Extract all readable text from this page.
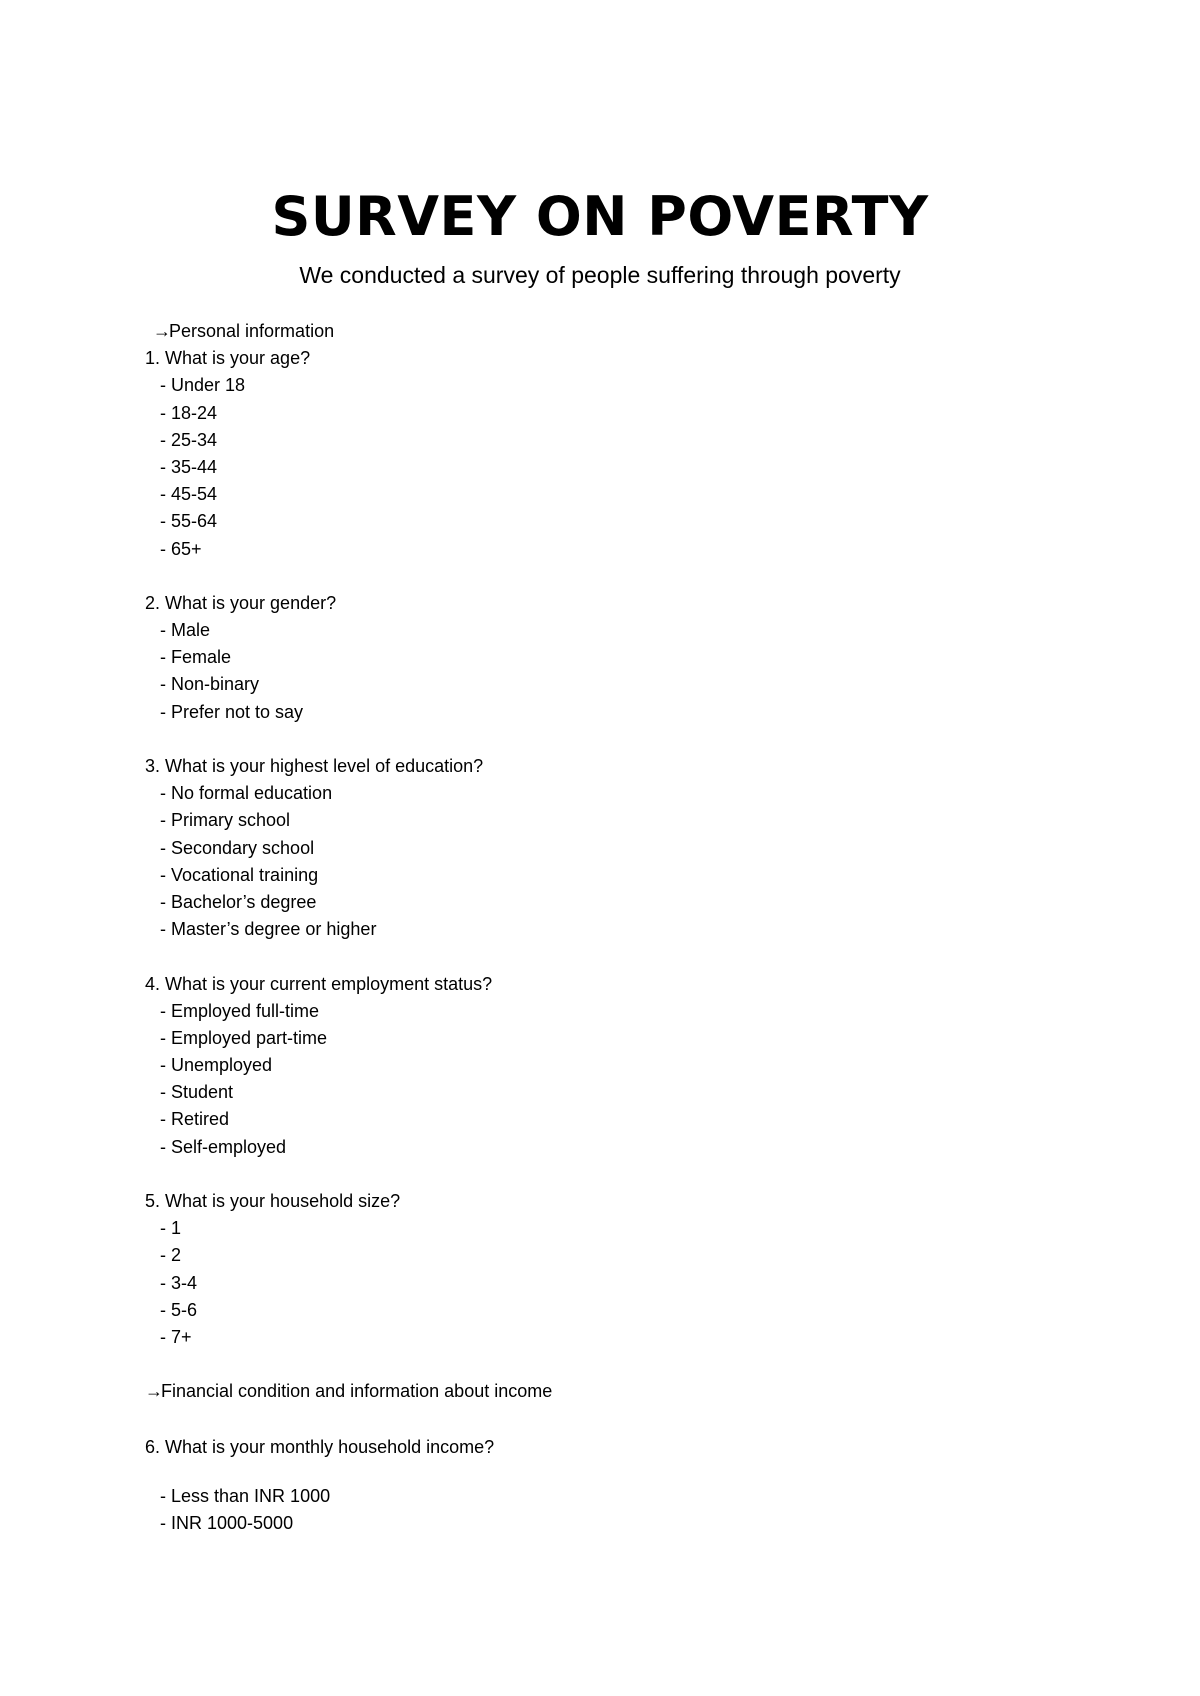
SURVEY ON POVERTY
We conducted a survey of people suffering through poverty
→Personal information
1. What is your age?
- Under 18
- 18-24
- 25-34
- 35-44
- 45-54
- 55-64
- 65+
2. What is your gender?
- Male
- Female
- Non-binary
- Prefer not to say
3. What is your highest level of education?
- No formal education
- Primary school
- Secondary school
- Vocational training
- Bachelor’s degree
- Master’s degree or higher
4. What is your current employment status?
- Employed full-time
- Employed part-time
- Unemployed
- Student
- Retired
- Self-employed
5. What is your household size?
- 1
- 2
- 3-4
- 5-6
- 7+
→Financial condition and information about income
6. What is your monthly household income?
- Less than INR 1000
- INR 1000-5000
